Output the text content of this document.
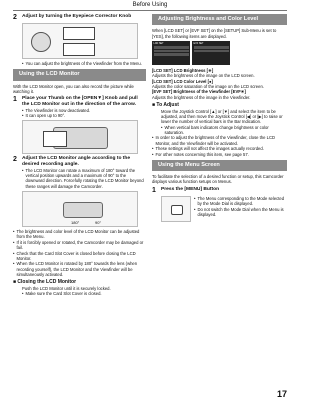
Before Using
2	Adjust by turning the Eyepiece Corrector Knob
• You can adjust the brightness of the Viewfinder from the Menu.
Using the LCD Monitor
With the LCD Monitor open, you can also record the picture while watching it.
1	Place your Thumb on the [OPEN▼] Knob and pull the LCD Monitor out in the direction of the arrow.
• The Viewfinder is now deactivated.
• It can open up to 90°.
2	Adjust the LCD Monitor angle according to the desired recording angle.
• The LCD Monitor can rotate a maximum of 180° toward the vertical position upwards and a maximum of 90° to the downward direction. Forcefully rotating the LCD Monitor beyond these ranges will damage the Camcorder.
180°	90°
• The brightness and color level of the LCD Monitor can be adjusted from the Menu.
• If it is forcibly opened or rotated, the Camcorder may be damaged or fail.
• Check that the Card Slot Cover is closed before closing the LCD Monitor.
• When the LCD Monitor is rotated by 180° towards the lens (when recording yourself), the LCD Monitor and the Viewfinder will be simultaneously activated.
■ Closing the LCD Monitor
Push the LCD Monitor until it is securely locked.
• Make sure the Card Slot Cover is closed.
Adjusting Brightness and Color Level
When [LCD SET] or [EVF SET] on the [SETUP] Sub-Menu is set to [YES], the following items are displayed.
LCD SET	EVF SET
[LCD SET] LCD Brightness [☀]
Adjusts the brightness of the image on the LCD screen.
[LCD SET] LCD Color Level [●]
Adjusts the color saturation of the image on the LCD screen.
[EVF SET] Brightness of the Viewfinder [EVF☀]
Adjusts the brightness of the image in the Viewfinder.
■ To Adjust
Move the Joystick Control [▲] or [▼] and select the item to be adjusted, and then move the Joystick Control [◀] or [▶] to raise or lower the number of vertical bars in the Bar Indication.
• When vertical bars indicators change brightness or color saturation.
• In order to adjust the brightness of the Viewfinder, close the LCD Monitor, and the Viewfinder will be activated.
• These settings will not affect the images actually recorded.
• For other notes concerning this item, see page 57.
Using the Menu Screen
To facilitate the selection of a desired function or setup, this Camcorder displays various function setups on Menus.
1	Press the [MENU] Button
• The Menu corresponding to the Mode selected by the Mode Dial is displayed.
• Do not switch the Mode Dial when the Menu is displayed.
17
